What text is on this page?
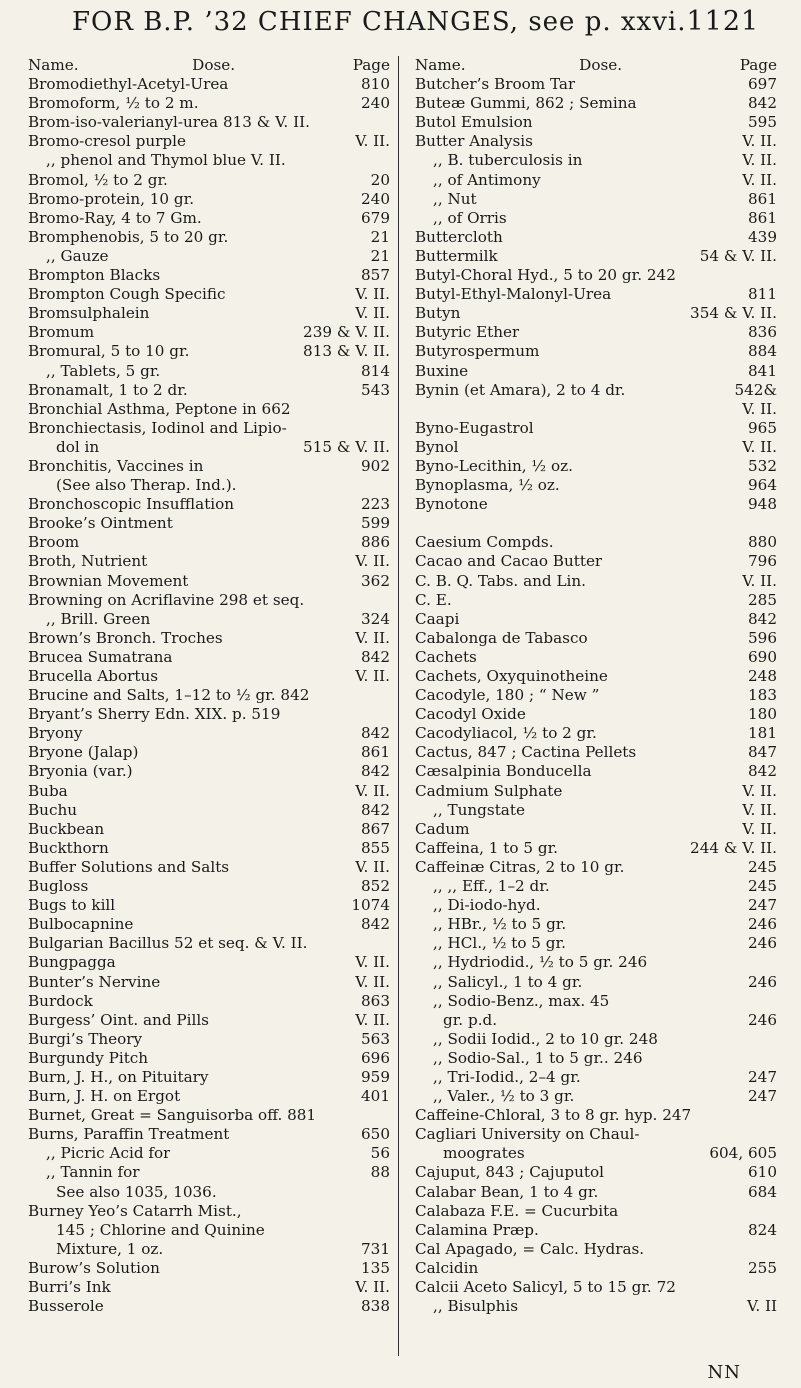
FOR B.P. ’32 CHIEF CHANGES, see p. xxvi. 1121
Name.	Dose.	Page
Bromodiethyl-Acetyl-Urea	810
Bromoform, ½ to 2 m.	240
Brom-iso-valerianyl-urea 813 & V. II.
Bromo-cresol purple	V. II.
,, phenol and Thymol blue V. II.
Bromol, ½ to 2 gr.	20
Bromo-protein, 10 gr.	240
Bromo-Ray, 4 to 7 Gm.	679
Bromphenobis, 5 to 20 gr.	21
,, Gauze	21
Brompton Blacks	857
Brompton Cough Specific	V. II.
Bromsulphalein	V. II.
Bromum	239 & V. II.
Bromural, 5 to 10 gr.	813 & V. II.
,, Tablets, 5 gr.	814
Bronamalt, 1 to 2 dr.	543
Bronchial Asthma, Peptone in 662
Bronchiectasis, Iodinol and Lipio-
dol in	515 & V. II.
Bronchitis, Vaccines in	902
(See also Therap. Ind.).
Bronchoscopic Insufflation	223
Brooke’s Ointment	599
Broom	886
Broth, Nutrient	V. II.
Brownian Movement	362
Browning on Acriflavine 298 et seq.
,, Brill. Green	324
Brown’s Bronch. Troches	V. II.
Brucea Sumatrana	842
Brucella Abortus	V. II.
Brucine and Salts, 1–12 to ½ gr. 842
Bryant’s Sherry Edn. XIX. p. 519
Bryony	842
Bryone (Jalap)	861
Bryonia (var.)	842
Buba	V. II.
Buchu	842
Buckbean	867
Buckthorn	855
Buffer Solutions and Salts	V. II.
Bugloss	852
Bugs to kill	1074
Bulbocapnine	842
Bulgarian Bacillus 52 et seq. & V. II.
Bungpagga	V. II.
Bunter’s Nervine	V. II.
Burdock	863
Burgess’ Oint. and Pills	V. II.
Burgi’s Theory	563
Burgundy Pitch	696
Burn, J. H., on Pituitary	959
Burn, J. H. on Ergot	401
Burnet, Great = Sanguisorba off. 881
Burns, Paraffin Treatment	650
,, Picric Acid for	56
,, Tannin for	88
See also 1035, 1036.
Burney Yeo’s Catarrh Mist.,
145 ; Chlorine and Quinine
Mixture, 1 oz.	731
Burow’s Solution	135
Burri’s Ink	V. II.
Busserole	838
Name.	Dose.	Page
Butcher’s Broom Tar	697
Buteæ Gummi, 862 ; Semina	842
Butol Emulsion	595
Butter Analysis	V. II.
,, B. tuberculosis in	V. II.
,, of Antimony	V. II.
,, Nut	861
,, of Orris	861
Buttercloth	439
Buttermilk	54 & V. II.
Butyl-Choral Hyd., 5 to 20 gr. 242
Butyl-Ethyl-Malonyl-Urea	811
Butyn	354 & V. II.
Butyric Ether	836
Butyrospermum	884
Buxine	841
Bynin (et Amara), 2 to 4 dr.	542&
V. II.
Byno-Eugastrol	965
Bynol	V. II.
Byno-Lecithin, ½ oz.	532
Bynoplasma, ½ oz.	964
Bynotone	948
Caesium Compds.	880
Cacao and Cacao Butter	796
C. B. Q. Tabs. and Lin.	V. II.
C. E.	285
Caapi	842
Cabalonga de Tabasco	596
Cachets	690
Cachets, Oxyquinotheine	248
Cacodyle, 180 ; “ New ”	183
Cacodyl Oxide	180
Cacodyliacol, ½ to 2 gr.	181
Cactus, 847 ; Cactina Pellets	847
Cæsalpinia Bonducella	842
Cadmium Sulphate	V. II.
,, Tungstate	V. II.
Cadum	V. II.
Caffeina, 1 to 5 gr.	244 & V. II.
Caffeinæ Citras, 2 to 10 gr.	245
,, ,, Eff., 1–2 dr.	245
,, Di-iodo-hyd.	247
,, HBr., ½ to 5 gr.	246
,, HCl., ½ to 5 gr.	246
,, Hydriodid., ½ to 5 gr. 246
,, Salicyl., 1 to 4 gr.	246
,, Sodio-Benz., max. 45
gr. p.d.	246
,, Sodii Iodid., 2 to 10 gr. 248
,, Sodio-Sal., 1 to 5 gr.. 246
,, Tri-Iodid., 2–4 gr.	247
,, Valer., ½ to 3 gr.	247
Caffeine-Chloral, 3 to 8 gr. hyp. 247
Cagliari University on Chaul-
moogrates	604, 605
Cajuput, 843 ; Cajuputol	610
Calabar Bean, 1 to 4 gr.	684
Calabaza F.E. = Cucurbita
Calamina Præp.	824
Cal Apagado, = Calc. Hydras.
Calcidin	255
Calcii Aceto Salicyl, 5 to 15 gr. 72
,, Bisulphis	V. II
NN
